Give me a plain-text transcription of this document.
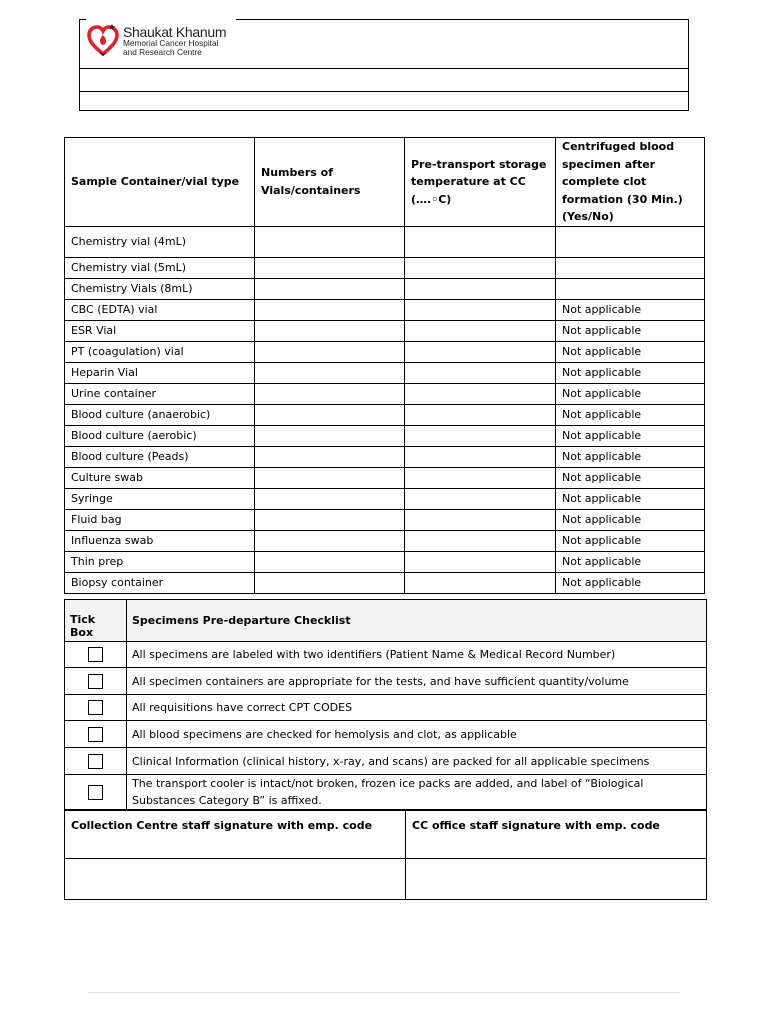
Shaukat Khanum
Memorial Cancer Hospital
and Research Centre
Sample Container/vial type	Numbers of Vials/containers	Pre-transport storage temperature at CC (….◦C)	Centrifuged blood specimen after complete clot formation (30 Min.) (Yes/No)
Chemistry vial (4mL)			
Chemistry vial (5mL)			
Chemistry Vials (8mL)			
CBC (EDTA) vial			Not applicable
ESR Vial			Not applicable
PT (coagulation) vial			Not applicable
Heparin Vial			Not applicable
Urine container			Not applicable
Blood culture (anaerobic)			Not applicable
Blood culture (aerobic)			Not applicable
Blood culture (Peads)			Not applicable
Culture swab			Not applicable
Syringe			Not applicable
Fluid bag			Not applicable
Influenza swab			Not applicable
Thin prep			Not applicable
Biopsy container			Not applicable
Tick Box	Specimens Pre-departure Checklist

	All specimens are labeled with two identifiers (Patient Name & Medical Record Number)

	All specimen containers are appropriate for the tests, and have sufficient quantity/volume

	All requisitions have correct CPT CODES

	All blood specimens are checked for hemolysis and clot, as applicable

	Clinical Information (clinical history, x-ray, and scans) are packed for all applicable specimens

	The transport cooler is intact/not broken, frozen ice packs are added, and label of “Biological Substances Category B” is affixed.
Collection Centre staff signature with emp. code	CC office staff signature with emp. code
